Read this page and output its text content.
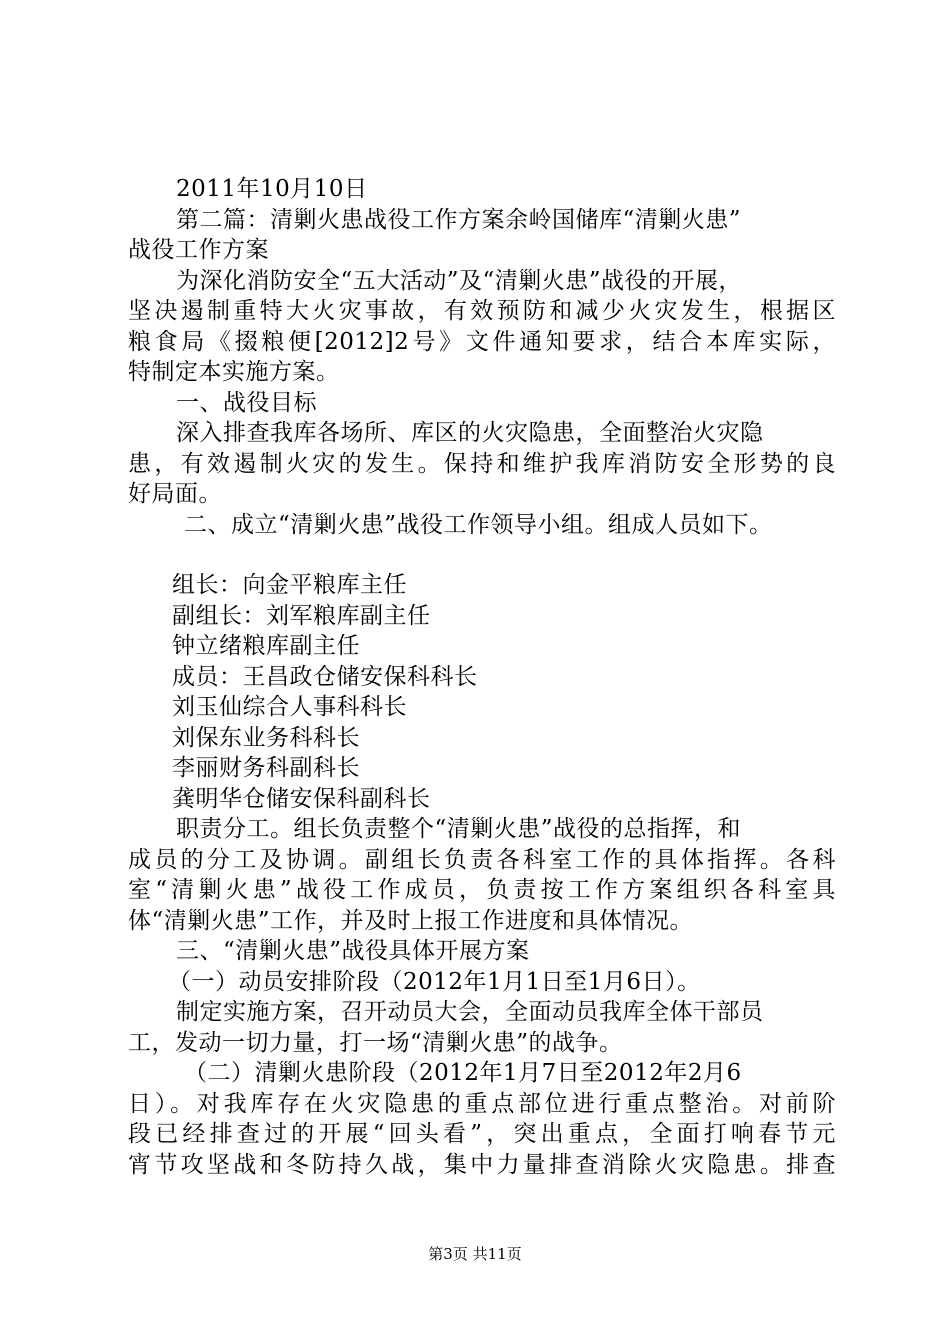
2011年10月10日
第二篇：清剿火患战役工作方案余岭国储库“清剿火患”
战役工作方案
为深化消防安全“五大活动”及“清剿火患”战役的开展，
坚决遏制重特大火灾事故，有效预防和减少火灾发生，根据区
粮食局《掇粮便[2012]2号》文件通知要求，结合本库实际，
特制定本实施方案。
一、战役目标
深入排查我库各场所、库区的火灾隐患，全面整治火灾隐
患，有效遏制火灾的发生。保持和维护我库消防安全形势的良
好局面。
二、成立“清剿火患”战役工作领导小组。组成人员如下。
组长：向金平粮库主任
副组长：刘军粮库副主任
钟立绪粮库副主任
成员：王昌政仓储安保科科长
刘玉仙综合人事科科长
刘保东业务科科长
李丽财务科副科长
龚明华仓储安保科副科长
职责分工。组长负责整个“清剿火患”战役的总指挥，和
成员的分工及协调。副组长负责各科室工作的具体指挥。各科
室“清剿火患”战役工作成员，负责按工作方案组织各科室具
体“清剿火患”工作，并及时上报工作进度和具体情况。
三、“清剿火患”战役具体开展方案
（一）动员安排阶段（2012年1月1日至1月6日）。
制定实施方案，召开动员大会，全面动员我库全体干部员
工，发动一切力量，打一场“清剿火患”的战争。
（二）清剿火患阶段（2012年1月7日至2012年2月6
日）。对我库存在火灾隐患的重点部位进行重点整治。对前阶
段已经排查过的开展“回头看”，突出重点，全面打响春节元
宵节攻坚战和冬防持久战，集中力量排查消除火灾隐患。排查
第3页 共11页
